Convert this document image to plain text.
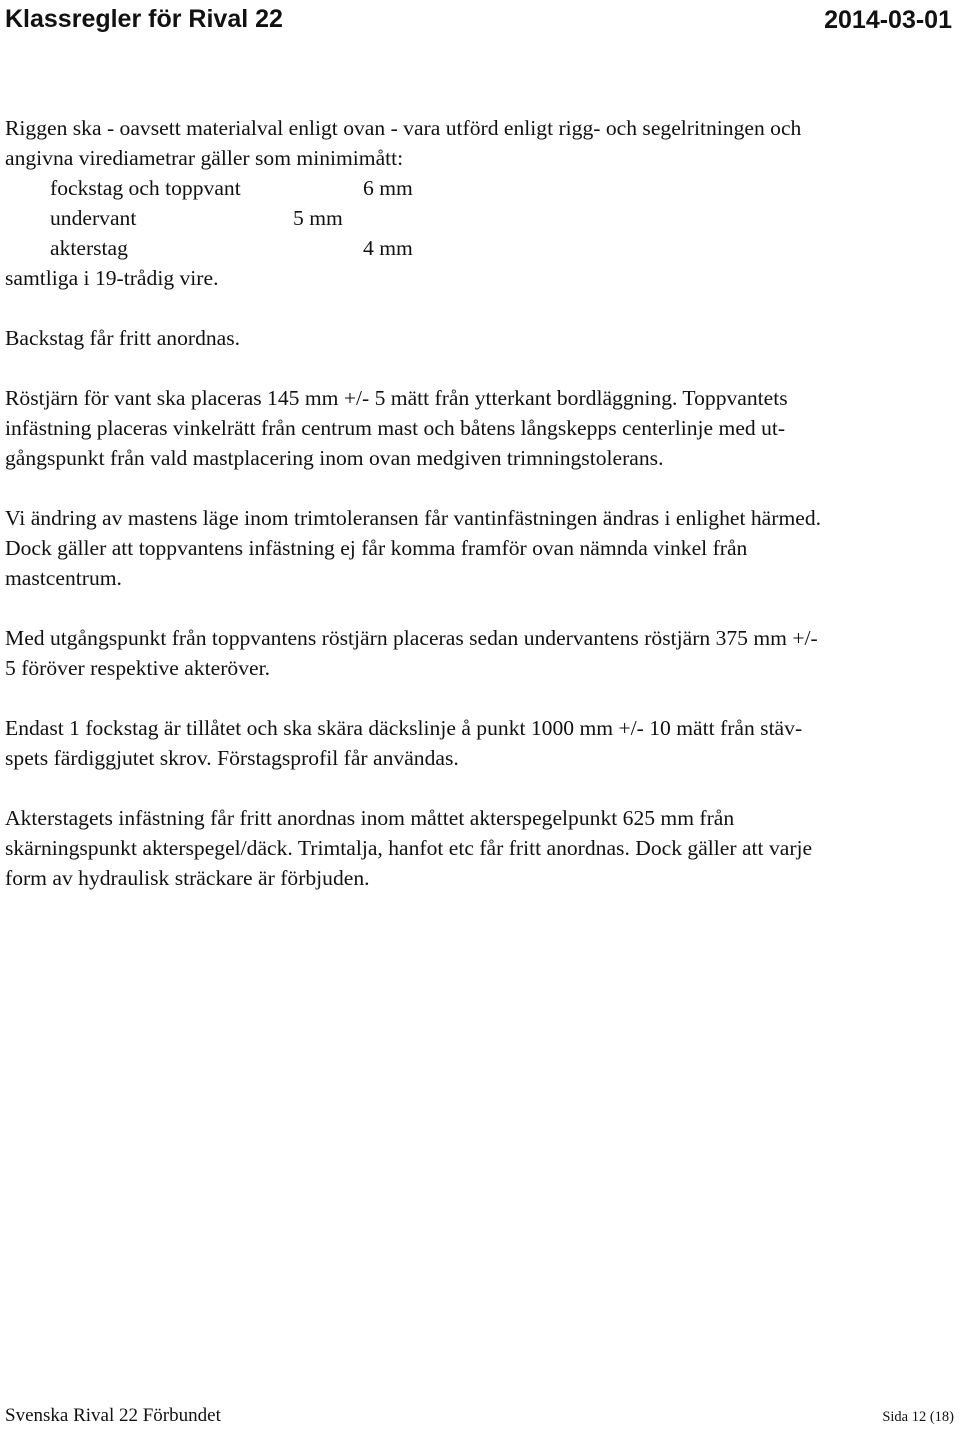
Klassregler för Rival 22	2014-03-01

Riggen ska - oavsett materialval enligt ovan - vara utförd enligt rigg- och segelritningen och

angivna virediametrar gäller som minimimått:

fockstag och toppvant	6 mm
undervant	5 mm
akterstag	4 mm

samtliga i 19-trådig vire.

Backstag får fritt anordnas.

Röstjärn för vant ska placeras 145 mm +/- 5 mätt från ytterkant bordläggning. Toppvantets

infästning placeras vinkelrätt från centrum mast och båtens långskepps centerlinje med ut-

gångspunkt från vald mastplacering inom ovan medgiven trimningstolerans.

Vi ändring av mastens läge inom trimtoleransen får vantinfästningen ändras i enlighet härmed.

Dock gäller att toppvantens infästning ej får komma framför ovan nämnda vinkel från

mastcentrum.

Med utgångspunkt från toppvantens röstjärn placeras sedan undervantens röstjärn 375 mm +/-

5 föröver respektive akteröver.

Endast 1 fockstag är tillåtet och ska skära däckslinje å punkt 1000 mm +/- 10 mätt från stäv-

spets färdiggjutet skrov. Förstagsprofil får användas.

Akterstagets infästning får fritt anordnas inom måttet akterspegelpunkt 625 mm från

skärningspunkt akterspegel/däck. Trimtalja, hanfot etc får fritt anordnas. Dock gäller att varje

form av hydraulisk sträckare är förbjuden.

Svenska Rival 22 Förbundet	Sida 12 (18)
